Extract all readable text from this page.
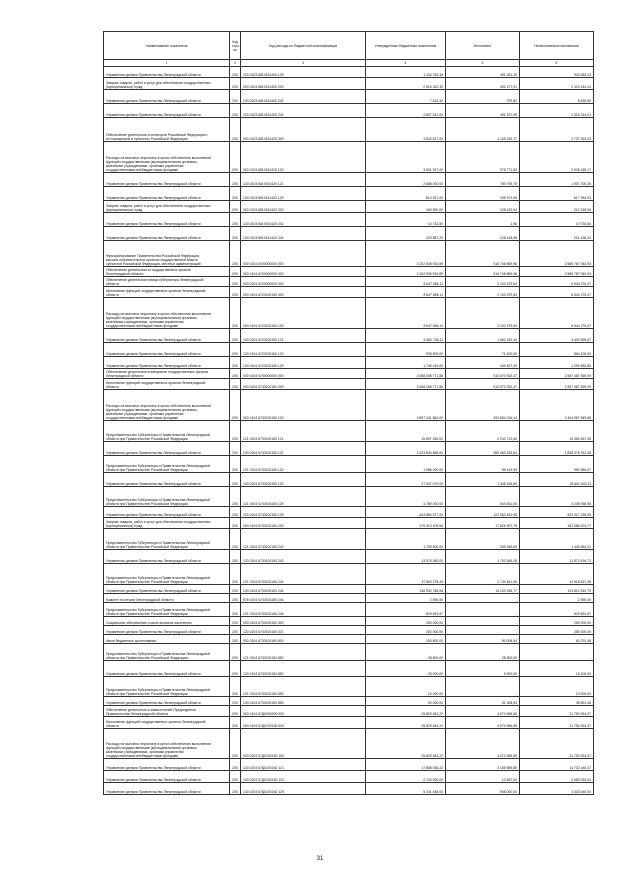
Наименование показателя	Код стро ки	Код расхода по бюджетной классификации	Утвержденные бюджетные назначения	Исполнено	Неисполненные назначения
1	2	3	4	5	6
Управление делами Правительства Ленинградской области	200	133 0103 6810151400 129	1 434 764,48	491 281,25	943 483,23
Закупка товаров, работ и услуг для обеспечения государственных
(муниципальных) нужд	200	000 0103 6810151400 200	2 815 322,32	492 177,91	2 323 144,41
Управление делами Правительства Ленинградской области	200	133 0103 6810151400 242	7 610,32	979,82	6 630,50
Управление делами Правительства Ленинградской области	200	133 0103 6810151400 244	2 807 512,00	491 197,99	2 316 314,01
Обеспечение деятельности сенаторов Российской Федерации и
их помощников в субъектах Российской Федерации	200	000 0103 6810151420 000	3 842 517,00	1 105 192,77	2 737 324,23
Расходы на выплаты персоналу в целях обеспечения выполнения
функций государственными (муниципальными) органами,
казенными учреждениями, органами управления
государственными внебюджетными фондами	200	000 0103 6810151420 100	3 501 927,00	976 771,83	2 525 155,17
Управление делами Правительства Ленинградской области	200	133 0103 6810151420 121	2 688 000,00	780 799,75	1 907 200,25
Управление делами Правительства Ленинградской области	200	133 0103 6810151420 129	813 927,00	195 972,08	617 954,92
Закупка товаров, работ и услуг для обеспечения государственных
(муниципальных) нужд	200	000 0103 6810151420 200	340 590,00	128 420,94	212 169,06
Управление делами Правительства Ленинградской области	200	133 0103 6810151420 242	10 732,80	1,96	10 730,84
Управление делами Правительства Ленинградской области	200	133 0103 6810151420 244	329 857,20	128 418,98	201 438,22
Функционирование Правительства Российской Федерации,
высших исполнительных органов государственной власти
субъектов Российской Федерации, местных администраций	200	000 0104 0000000000 000	3 102 535 910,89	516 748 869,96	2 585 787 040,93
Обеспечение деятельности государственных органов
Ленинградской области	200	000 0104 6700000000 000	3 102 535 910,89	516 748 869,96	2 585 787 040,93
Обеспечение деятельности вице-губернатора Ленинградской
области	200	000 0104 6720000000 000	8 647 656,11	2 103 379,64	6 544 276,47
Исполнение функций государственных органов Ленинградской
области	200	000 0104 6720100150 000	8 647 656,11	2 103 379,64	6 544 276,47
Расходы на выплаты персоналу в целях обеспечения выполнения
функций государственными (муниципальными) органами,
казенными учреждениями, органами управления
государственными внебюджетными фондами	200	000 0104 6720100150 100	8 647 656,11	2 103 379,64	6 544 276,47
Управление делами Правительства Ленинградской области	200	133 0104 6720100150 121	5 962 748,11	1 562 152,44	4 400 595,67
Управление делами Правительства Ленинградской области	200	133 0104 6720100150 122	935 500,00	71 400,00	864 100,00
Управление делами Правительства Ленинградской области	200	133 0104 6720100150 129	1 749 410,00	449 827,20	1 299 582,80
Обеспечение деятельности аппаратов государственных органов
Ленинградской области	200	000 0104 6730000000 000	3 068 058 771,56	510 570 932,47	2 557 487 839,09
Исполнение функций государственных органов Ленинградской
области	200	000 0104 6730100150 000	3 068 058 771,56	510 570 932,47	2 557 487 839,09
Расходы на выплаты персоналу в целях обеспечения выполнения
функций государственными (муниципальными) органами,
казенными учреждениями, органами управления
государственными внебюджетными фондами	200	000 0104 6730100150 100	2 897 241 862,00	492 654 016,14	2 404 587 845,86
Представительство Губернатора и Правительства Ленинградской
области при Правительстве Российской Федерации	200	121 0104 6730100150 121	15 697 250,00	2 242 712,65	13 454 537,35
Управление делами Правительства Ленинградской области	200	133 0104 6730100150 121	2 203 840 865,00	365 463 933,64	1 838 376 931,36
Представительство Губернатора и Правительства Ленинградской
области при Правительстве Российской Федерации	200	121 0104 6730100150 122	1 086 000,00	95 419,93	990 580,07
Управление делами Правительства Ленинградской области	200	133 0104 6730100150 122	27 947 070,00	1 345 426,89	26 601 643,11
Представительство Губернатора и Правительства Ленинградской
области при Правительстве Российской Федерации	200	121 0104 6730100150 129	4 789 000,00	543 061,05	4 245 938,95
Управление делами Правительства Ленинградской области	200	133 0104 6730100150 129	643 880 677,00	122 963 451,95	520 917 225,05
Закупка товаров, работ и услуг для обеспечения государственных
(муниципальных) нужд	200	000 0104 6730100150 200	170 413 109,56	17 826 907,79	152 586 201,77
Представительство Губернатора и Правительства Ленинградской
области при Правительстве Российской Федерации	200	121 0104 6730100150 242	1 709 600,00	259 945,69	1 449 654,31
Управление делами Правительства Ленинградской области	200	133 0104 6730100150 242	13 575 260,00	1 702 065,28	11 873 194,72
Представительство Губернатора и Правительства Ленинградской
области при Правительстве Российской Федерации	200	121 0104 6730100150 244	17 663 278,43	2 744 641,06	14 918 637,38
Управление делами Правительства Ленинградской области	200	133 0104 6730100150 244	136 932 766,08	13 120 255,77	123 812 510,79
Комитет по печати Ленинградской области	200	978 0104 6730100150 244	2 590,00	-	2 590,00
Представительство Губернатора и Правительства Ленинградской
области при Правительстве Российской Федерации	200	121 0104 6730100150 246	529 691,57	-	529 691,57
Социальное обеспечение и иные выплаты населению	200	000 0104 6730100150 300	250 000,00	-	250 000,00
Управление делами Правительства Ленинградской области	200	133 0104 6730100150 321	250 000,00	-	250 000,00
Иные бюджетные ассигнования	200	000 0104 6730100150 800	153 800,00	90 008,54	63 791,46
Представительство Губернатора и Правительства Ленинградской
области при Правительстве Российской Федерации	200	121 0104 6730100150 852	28 800,00	28 800,00	-
Управление делами Правительства Ленинградской области	200	133 0104 6730100150 852	25 000,00	9 900,00	15 100,00
Представительство Губернатора и Правительства Ленинградской
области при Правительстве Российской Федерации	200	121 0104 6730100150 853	10 000,00	-	10 000,00
Управление делами Правительства Ленинградской области	200	133 0104 6730100150 853	90 000,00	51 308,54	38 691,46
Обеспечение деятельности заместителей Председателя
Правительства Ленинградской области	200	000 0104 67Д0000000 000	25 829 481,22	4 074 556,85	21 754 924,37
Исполнение функций государственных органов Ленинградской
области	200	000 0104 67Д0100150 000	25 829 481,22	4 074 556,85	21 754 924,37
Расходы на выплаты персоналу в целях обеспечения выполнения
функций государственными (муниципальными) органами,
казенными учреждениями, органами управления
государственными внебюджетными фондами	200	000 0104 67Д0100150 100	25 829 481,22	4 074 556,85	21 754 924,37
Управление делами Правительства Ленинградской области	200	133 0104 67Д0100150 121	17 888 036,22	3 155 589,85	14 732 446,37
Управление делами Правительства Ленинградской области	200	133 0104 67Д0100150 122	2 700 000,00	10 967,00	2 689 033,00
Управление делами Правительства Ленинградской области	200	133 0104 67Д0100150 129	5 241 445,00	908 000,00	4 333 445,00
31
